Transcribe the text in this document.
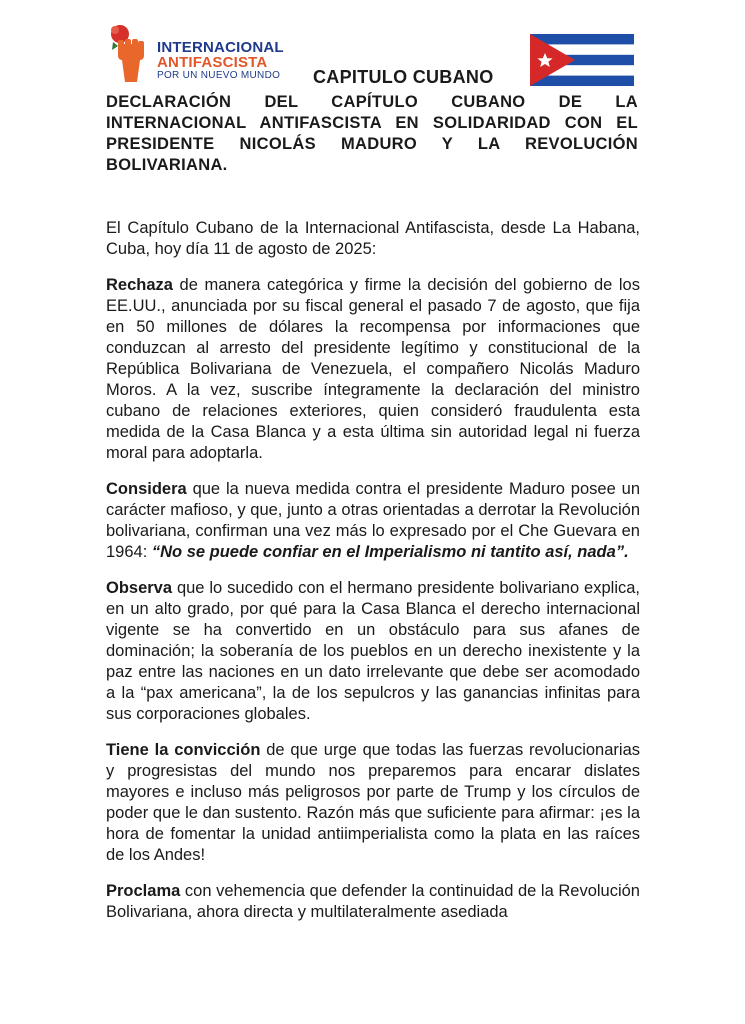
INTERNACIONAL
ANTIFASCISTA
POR UN NUEVO MUNDO CAPITULO CUBANO

DECLARACIÓN DEL CAPÍTULO CUBANO DE LA INTERNACIONAL ANTIFASCISTA EN SOLIDARIDAD CON EL PRESIDENTE NICOLÁS MADURO Y LA REVOLUCIÓN BOLIVARIANA.

El Capítulo Cubano de la Internacional Antifascista, desde La Habana, Cuba, hoy día 11 de agosto de 2025:

Rechaza de manera categórica y firme la decisión del gobierno de los EE.UU., anunciada por su fiscal general el pasado 7 de agosto, que fija en 50 millones de dólares la recompensa por informaciones que conduzcan al arresto del presidente legítimo y constitucional de la República Bolivariana de Venezuela, el compañero Nicolás Maduro Moros. A la vez, suscribe íntegramente la declaración del ministro cubano de relaciones exteriores, quien consideró fraudulenta esta medida de la Casa Blanca y a esta última sin autoridad legal ni fuerza moral para adoptarla.

Considera que la nueva medida contra el presidente Maduro posee un carácter mafioso, y que, junto a otras orientadas a derrotar la Revolución bolivariana, confirman una vez más lo expresado por el Che Guevara en 1964: “No se puede confiar en el Imperialismo ni tantito así, nada”.

Observa que lo sucedido con el hermano presidente bolivariano explica, en un alto grado, por qué para la Casa Blanca el derecho internacional vigente se ha convertido en un obstáculo para sus afanes de dominación; la soberanía de los pueblos en un derecho inexistente y la paz entre las naciones en un dato irrelevante que debe ser acomodado a la “pax americana”, la de los sepulcros y las ganancias infinitas para sus corporaciones globales.

Tiene la convicción de que urge que todas las fuerzas revolucionarias y progresistas del mundo nos preparemos para encarar dislates mayores e incluso más peligrosos por parte de Trump y los círculos de poder que le dan sustento. Razón más que suficiente para afirmar: ¡es la hora de fomentar la unidad antiimperialista como la plata en las raíces de los Andes!

Proclama con vehemencia que defender la continuidad de la Revolución Bolivariana, ahora directa y multilateralmente asediada
